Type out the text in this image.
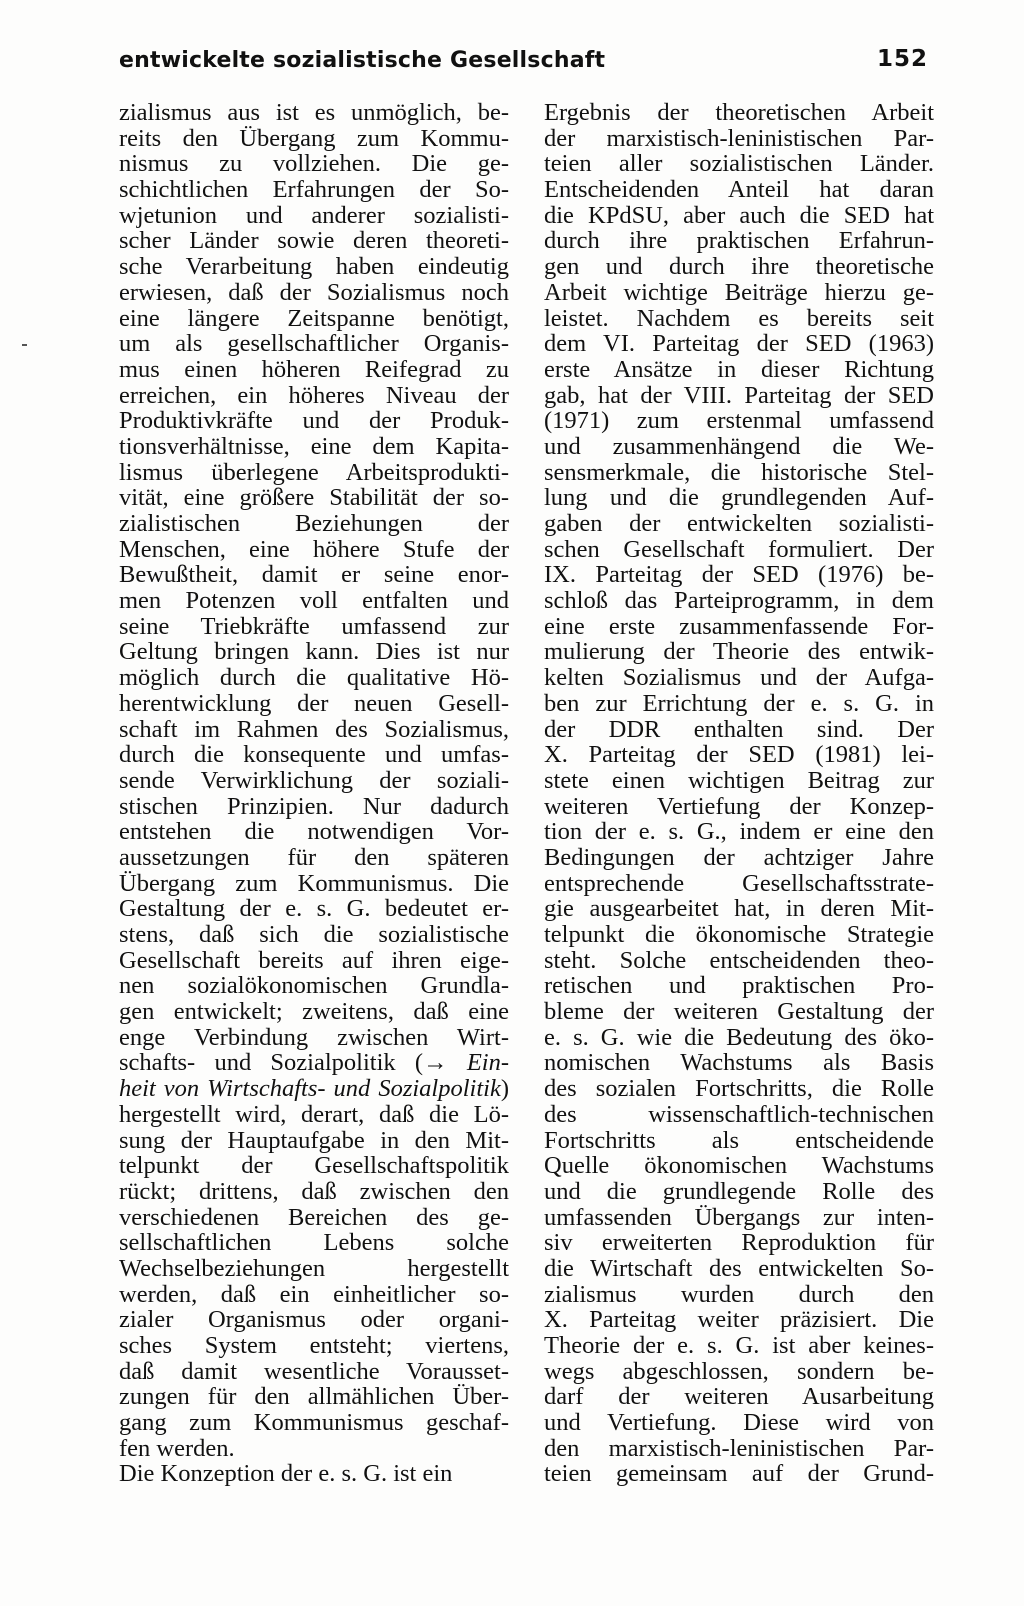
entwickelte sozialistische Gesellschaft	152
zialismus aus ist es unmöglich, be-
reits den Übergang zum Kommu-
nismus zu vollziehen. Die ge-
schichtlichen Erfahrungen der So-
wjetunion und anderer sozialisti-
scher Länder sowie deren theoreti-
sche Verarbeitung haben eindeutig
erwiesen, daß der Sozialismus noch
eine längere Zeitspanne benötigt,
um als gesellschaftlicher Organis-
mus einen höheren Reifegrad zu
erreichen, ein höheres Niveau der
Produktivkräfte und der Produk-
tionsverhältnisse, eine dem Kapita-
lismus überlegene Arbeitsprodukti-
vität, eine größere Stabilität der so-
zialistischen Beziehungen der
Menschen, eine höhere Stufe der
Bewußtheit, damit er seine enor-
men Potenzen voll entfalten und
seine Triebkräfte umfassend zur
Geltung bringen kann. Dies ist nur
möglich durch die qualitative Hö-
herentwicklung der neuen Gesell-
schaft im Rahmen des Sozialismus,
durch die konsequente und umfas-
sende Verwirklichung der soziali-
stischen Prinzipien. Nur dadurch
entstehen die notwendigen Vor-
aussetzungen für den späteren
Übergang zum Kommunismus. Die
Gestaltung der e. s. G. bedeutet er-
stens, daß sich die sozialistische
Gesellschaft bereits auf ihren eige-
nen sozialökonomischen Grundla-
gen entwickelt; zweitens, daß eine
enge Verbindung zwischen Wirt-
schafts- und Sozialpolitik (→ Ein-
heit von Wirtschafts- und Sozialpolitik)
hergestellt wird, derart, daß die Lö-
sung der Hauptaufgabe in den Mit-
telpunkt der Gesellschaftspolitik
rückt; drittens, daß zwischen den
verschiedenen Bereichen des ge-
sellschaftlichen Lebens solche
Wechselbeziehungen hergestellt
werden, daß ein einheitlicher so-
zialer Organismus oder organi-
sches System entsteht; viertens,
daß damit wesentliche Vorausset-
zungen für den allmählichen Über-
gang zum Kommunismus geschaf-
fen werden.
Die Konzeption der e. s. G. ist ein
Ergebnis der theoretischen Arbeit
der marxistisch-leninistischen Par-
teien aller sozialistischen Länder.
Entscheidenden Anteil hat daran
die KPdSU, aber auch die SED hat
durch ihre praktischen Erfahrun-
gen und durch ihre theoretische
Arbeit wichtige Beiträge hierzu ge-
leistet. Nachdem es bereits seit
dem VI. Parteitag der SED (1963)
erste Ansätze in dieser Richtung
gab, hat der VIII. Parteitag der SED
(1971) zum erstenmal umfassend
und zusammenhängend die We-
sensmerkmale, die historische Stel-
lung und die grundlegenden Auf-
gaben der entwickelten sozialisti-
schen Gesellschaft formuliert. Der
IX. Parteitag der SED (1976) be-
schloß das Parteiprogramm, in dem
eine erste zusammenfassende For-
mulierung der Theorie des entwik-
kelten Sozialismus und der Aufga-
ben zur Errichtung der e. s. G. in
der DDR enthalten sind. Der
X. Parteitag der SED (1981) lei-
stete einen wichtigen Beitrag zur
weiteren Vertiefung der Konzep-
tion der e. s. G., indem er eine den
Bedingungen der achtziger Jahre
entsprechende Gesellschaftsstrate-
gie ausgearbeitet hat, in deren Mit-
telpunkt die ökonomische Strategie
steht. Solche entscheidenden theo-
retischen und praktischen Pro-
bleme der weiteren Gestaltung der
e. s. G. wie die Bedeutung des öko-
nomischen Wachstums als Basis
des sozialen Fortschritts, die Rolle
des wissenschaftlich-technischen
Fortschritts als entscheidende
Quelle ökonomischen Wachstums
und die grundlegende Rolle des
umfassenden Übergangs zur inten-
siv erweiterten Reproduktion für
die Wirtschaft des entwickelten So-
zialismus wurden durch den
X. Parteitag weiter präzisiert. Die
Theorie der e. s. G. ist aber keines-
wegs abgeschlossen, sondern be-
darf der weiteren Ausarbeitung
und Vertiefung. Diese wird von
den marxistisch-leninistischen Par-
teien gemeinsam auf der Grund-
